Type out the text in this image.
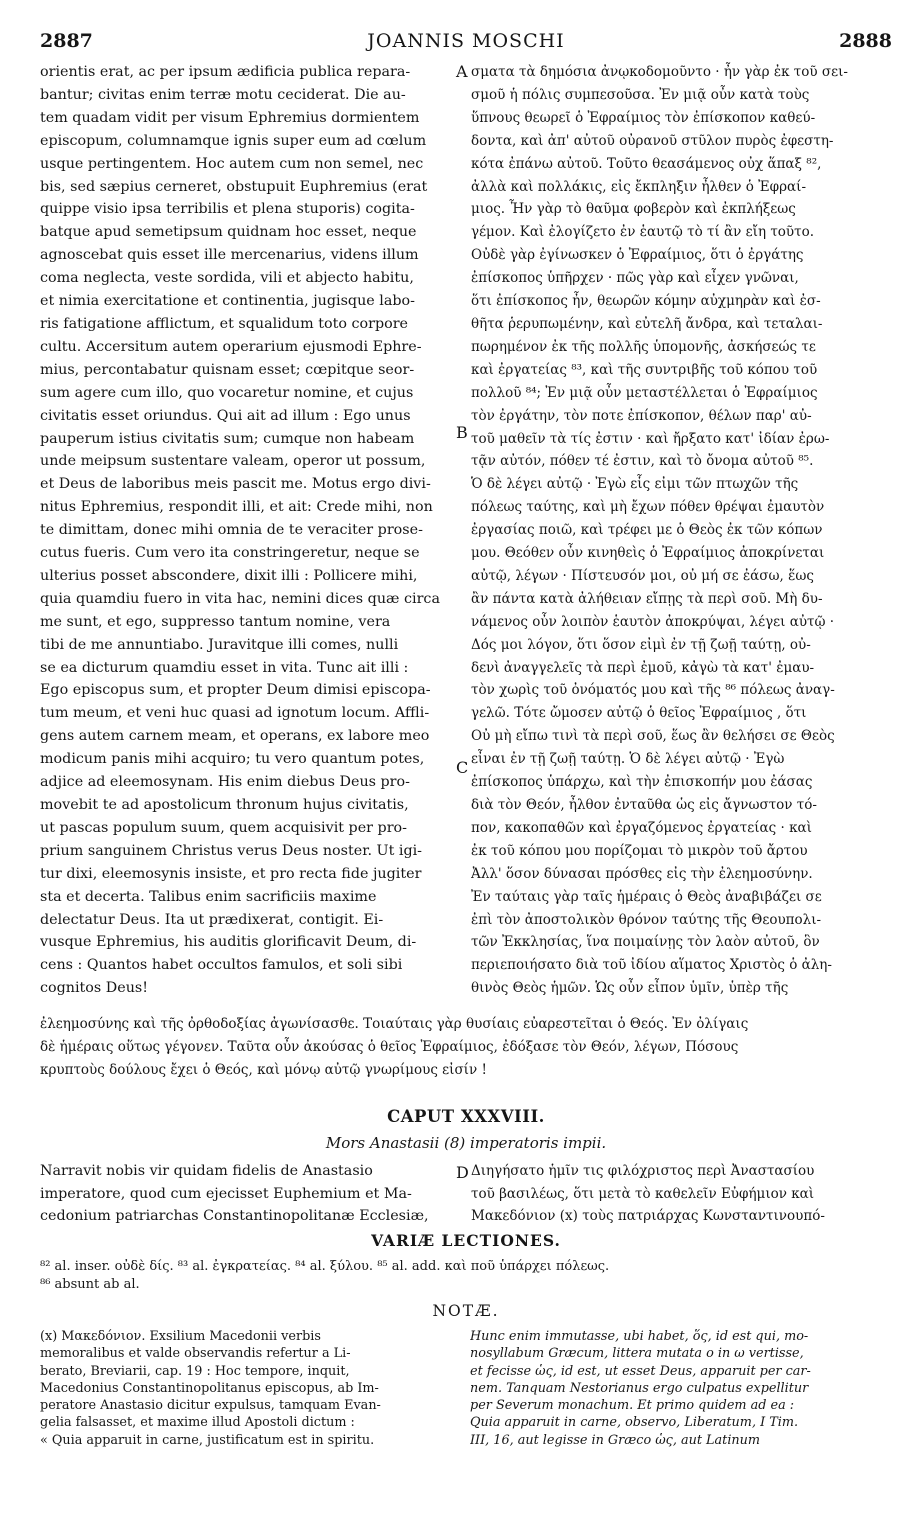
2887	JOANNIS MOSCHI	2888
A
B
C
D
orientis erat, ac per ipsum ædificia publica repara-
bantur; civitas enim terræ motu ceciderat. Die au-
tem quadam vidit per visum Ephremius dormientem
episcopum, columnamque ignis super eum ad cœlum
usque pertingentem. Hoc autem cum non semel, nec
bis, sed sæpius cerneret, obstupuit Euphremius (erat
quippe visio ipsa terribilis et plena stuporis) cogita-
batque apud semetipsum quidnam hoc esset, neque
agnoscebat quis esset ille mercenarius, videns illum
coma neglecta, veste sordida, vili et abjecto habitu,
et nimia exercitatione et continentia, jugisque labo-
ris fatigatione afflictum, et squalidum toto corpore
cultu. Accersitum autem operarium ejusmodi Ephre-
mius, percontabatur quisnam esset; cœpitque seor-
sum agere cum illo, quo vocaretur nomine, et cujus
civitatis esset oriundus. Qui ait ad illum : Ego unus
pauperum istius civitatis sum; cumque non habeam
unde meipsum sustentare valeam, operor ut possum,
et Deus de laboribus meis pascit me. Motus ergo divi-
nitus Ephremius, respondit illi, et ait: Crede mihi, non
te dimittam, donec mihi omnia de te veraciter prose-
cutus fueris. Cum vero ita constringeretur, neque se
ulterius posset abscondere, dixit illi : Pollicere mihi,
quia quamdiu fuero in vita hac, nemini dices quæ circa
me sunt, et ego, suppresso tantum nomine, vera
tibi de me annuntiabo. Juravitque illi comes, nulli
se ea dicturum quamdiu esset in vita. Tunc ait illi :
Ego episcopus sum, et propter Deum dimisi episcopa-
tum meum, et veni huc quasi ad ignotum locum. Affli-
gens autem carnem meam, et operans, ex labore meo
modicum panis mihi acquiro; tu vero quantum potes,
adjice ad eleemosynam. His enim diebus Deus pro-
movebit te ad apostolicum thronum hujus civitatis,
ut pascas populum suum, quem acquisivit per pro-
prium sanguinem Christus verus Deus noster. Ut igi-
tur dixi, eleemosynis insiste, et pro recta fide jugiter
sta et decerta. Talibus enim sacrificiis maxime
delectatur Deus. Ita ut prædixerat, contigit. Ei-
vusque Ephremius, his auditis glorificavit Deum, di-
cens : Quantos habet occultos famulos, et soli sibi
cognitos Deus!
σματα τὰ δημόσια ἀνῳκοδομοῦντο · ἦν γὰρ ἐκ τοῦ σει-
σμοῦ ἡ πόλις συμπεσοῦσα. Ἐν μιᾷ οὖν κατὰ τοὺς
ὕπνους θεωρεῖ ὁ Ἐφραίμιος τὸν ἐπίσκοπον καθεύ-
δοντα, καὶ ἀπ' αὐτοῦ οὐρανοῦ στῦλον πυρὸς ἐφεστη-
κότα ἐπάνω αὐτοῦ. Τοῦτο θεασάμενος οὐχ ἅπαξ ⁸²,
ἀλλὰ καὶ πολλάκις, εἰς ἔκπληξιν ἦλθεν ὁ Ἐφραί-
μιος. Ἦν γὰρ τὸ θαῦμα φοβερὸν καὶ ἐκπλήξεως
γέμον. Καὶ ἐλογίζετο ἐν ἑαυτῷ τὸ τί ἂν εἴη τοῦτο.
Οὐδὲ γὰρ ἐγίνωσκεν ὁ Ἐφραίμιος, ὅτι ὁ ἐργάτης
ἐπίσκοπος ὑπῆρχεν · πῶς γὰρ καὶ εἶχεν γνῶναι,
ὅτι ἐπίσκοπος ἦν, θεωρῶν κόμην αὐχμηρὰν καὶ ἐσ-
θῆτα ῥερυπωμένην, καὶ εὐτελῆ ἄνδρα, καὶ τεταλαι-
πωρημένον ἐκ τῆς πολλῆς ὑπομονῆς, ἀσκήσεώς τε
καὶ ἐργατείας ⁸³, καὶ τῆς συντριβῆς τοῦ κόπου τοῦ
πολλοῦ ⁸⁴; Ἐν μιᾷ οὖν μεταστέλλεται ὁ Ἐφραίμιος
τὸν ἐργάτην, τὸν ποτε ἐπίσκοπον, θέλων παρ' αὐ-
τοῦ μαθεῖν τὰ τίς ἐστιν · καὶ ἤρξατο κατ' ἰδίαν ἐρω-
τᾷν αὐτόν, πόθεν τέ ἐστιν, καὶ τὸ ὄνομα αὐτοῦ ⁸⁵.
Ὁ δὲ λέγει αὐτῷ · Ἐγὼ εἷς εἰμι τῶν πτωχῶν τῆς
πόλεως ταύτης, καὶ μὴ ἔχων πόθεν θρέψαι ἐμαυτὸν
ἐργασίας ποιῶ, καὶ τρέφει με ὁ Θεὸς ἐκ τῶν κόπων
μου. Θεόθεν οὖν κινηθεὶς ὁ Ἐφραίμιος ἀποκρίνεται
αὐτῷ, λέγων · Πίστευσόν μοι, οὐ μή σε ἐάσω, ἕως
ἂν πάντα κατὰ ἀλήθειαν εἴπῃς τὰ περὶ σοῦ. Μὴ δυ-
νάμενος οὖν λοιπὸν ἑαυτὸν ἀποκρύψαι, λέγει αὐτῷ ·
Δός μοι λόγον, ὅτι ὅσον εἰμὶ ἐν τῇ ζωῇ ταύτῃ, οὐ-
δενὶ ἀναγγελεῖς τὰ περὶ ἐμοῦ, κἀγὼ τὰ κατ' ἐμαυ-
τὸν χωρὶς τοῦ ὀνόματός μου καὶ τῆς ⁸⁶ πόλεως ἀναγ-
γελῶ. Τότε ὤμοσεν αὐτῷ ὁ θεῖος Ἐφραίμιος , ὅτι
Οὐ μὴ εἴπω τινὶ τὰ περὶ σοῦ, ἕως ἂν θελήσει σε Θεὸς
εἶναι ἐν τῇ ζωῇ ταύτῃ. Ὁ δὲ λέγει αὐτῷ · Ἐγὼ
ἐπίσκοπος ὑπάρχω, καὶ τὴν ἐπισκοπήν μου ἐάσας
διὰ τὸν Θεόν, ἦλθον ἐνταῦθα ὡς εἰς ἄγνωστον τό-
πον, κακοπαθῶν καὶ ἐργαζόμενος ἐργατείας · καὶ
ἐκ τοῦ κόπου μου πορίζομαι τὸ μικρὸν τοῦ ἄρτου
Ἀλλ' ὅσον δύνασαι πρόσθες εἰς τὴν ἐλεημοσύνην.
Ἐν ταύταις γὰρ ταῖς ἡμέραις ὁ Θεὸς ἀναβιβάζει σε
ἐπὶ τὸν ἀποστολικὸν θρόνον ταύτης τῆς Θεουπολι-
τῶν Ἐκκλησίας, ἵνα ποιμαίνῃς τὸν λαὸν αὐτοῦ, ὃν
περιεποιήσατο διὰ τοῦ ἰδίου αἵματος Χριστὸς ὁ ἀλη-
θινὸς Θεὸς ἡμῶν. Ὡς οὖν εἶπον ὑμῖν, ὑπὲρ τῆς
ἐλεημοσύνης καὶ τῆς ὀρθοδοξίας ἀγωνίσασθε. Τοιαύταις γὰρ θυσίαις εὐαρεστεῖται ὁ Θεός. Ἐν ὀλίγαις
δὲ ἡμέραις οὕτως γέγονεν. Ταῦτα οὖν ἀκούσας ὁ θεῖος Ἐφραίμιος, ἐδόξασε τὸν Θεόν, λέγων, Πόσους
κρυπτοὺς δούλους ἔχει ὁ Θεός, καὶ μόνῳ αὐτῷ γνωρίμους εἰσίν !
CAPUT XXXVIII.
Mors Anastasii (8) imperatoris impii.
Narravit nobis vir quidam fidelis de Anastasio
imperatore, quod cum ejecisset Euphemium et Ma-
cedonium patriarchas Constantinopolitanæ Ecclesiæ,
Διηγήσατο ἡμῖν τις φιλόχριστος περὶ Ἀναστασίου
τοῦ βασιλέως, ὅτι μετὰ τὸ καθελεῖν Εὐφήμιον καὶ
Μακεδόνιον (x) τοὺς πατριάρχας Κωνσταντινουπό-
VARIÆ LECTIONES.
⁸² al. inser. οὐδὲ δίς. ⁸³ al. ἐγκρατείας. ⁸⁴ al. ξύλου. ⁸⁵ al. add. καὶ ποῦ ὑπάρχει πόλεως.
⁸⁶ absunt ab al.
NOTÆ.
(x) Μακεδόνιον. Exsilium Macedonii verbis
memoralibus et valde observandis refertur a Li-
berato, Breviarii, cap. 19 : Hoc tempore, inquit,
Macedonius Constantinopolitanus episcopus, ab Im-
peratore Anastasio dicitur expulsus, tamquam Evan-
gelia falsasset, et maxime illud Apostoli dictum :
« Quia apparuit in carne, justificatum est in spiritu.
Hunc enim immutasse, ubi habet, ὅς, id est qui, mo-
nosyllabum Græcum, littera mutata o in ω vertisse,
et fecisse ὡς, id est, ut esset Deus, apparuit per car-
nem. Tanquam Nestorianus ergo culpatus expellitur
per Severum monachum. Et primo quidem ad ea :
Quia apparuit in carne, observo, Liberatum, I Tim.
III, 16, aut legisse in Græco ὡς, aut Latinum
